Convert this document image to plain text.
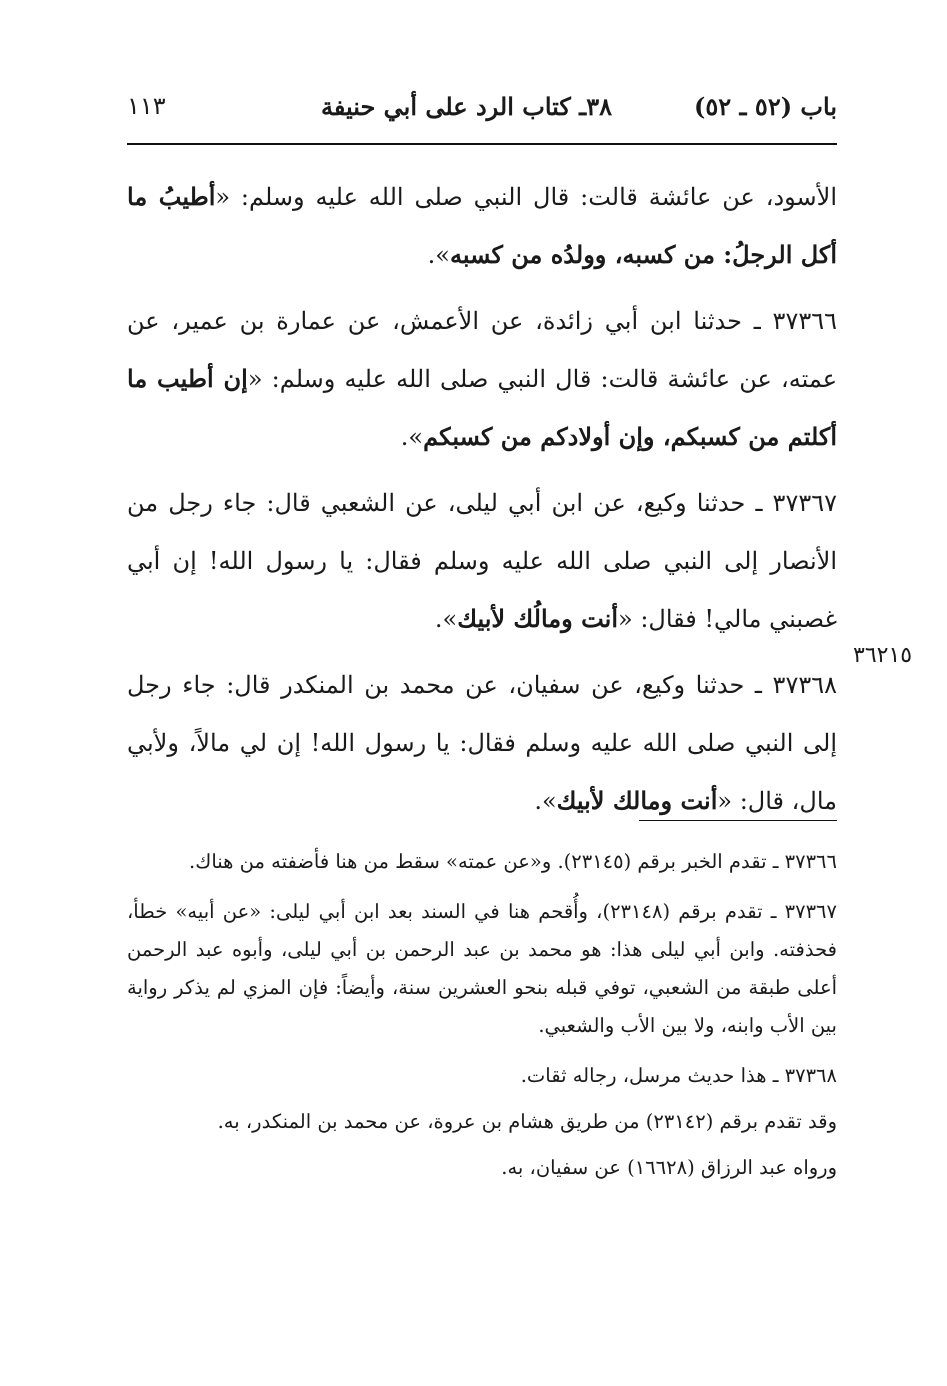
باب (٥٢ ـ ٥٢)
٣٨ـ كتاب الرد على أبي حنيفة
١١٣

الأسود، عن عائشة قالت: قال النبي صلى الله عليه وسلم: «أطيبُ ما أكل الرجلُ: من كسبه، وولدُه من كسبه».

٣٧٣٦٦ ـ حدثنا ابن أبي زائدة، عن الأعمش، عن عمارة بن عمير، عن عمته، عن عائشة قالت: قال النبي صلى الله عليه وسلم: «إن أطيب ما أكلتم من كسبكم، وإن أولادكم من كسبكم».

٣٧٣٦٧ ـ حدثنا وكيع، عن ابن أبي ليلى، عن الشعبي قال: جاء رجل من الأنصار إلى النبي صلى الله عليه وسلم فقال: يا رسول الله! إن أبي غصبني مالي! فقال: «أنت ومالُك لأبيك».

٣٧٣٦٨ ـ حدثنا وكيع، عن سفيان، عن محمد بن المنكدر قال: جاء رجل إلى النبي صلى الله عليه وسلم فقال: يا رسول الله! إن لي مالاً، ولأبي مال، قال: «أنت ومالك لأبيك».

٣٦٢١٥

٣٧٣٦٦ ـ تقدم الخبر برقم (٢٣١٤٥). و«عن عمته» سقط من هنا فأضفته من هناك.

٣٧٣٦٧ ـ تقدم برقم (٢٣١٤٨)، وأُقحم هنا في السند بعد ابن أبي ليلى: «عن أبيه» خطأ، فحذفته. وابن أبي ليلى هذا: هو محمد بن عبد الرحمن بن أبي ليلى، وأبوه عبد الرحمن أعلى طبقة من الشعبي، توفي قبله بنحو العشرين سنة، وأيضاً: فإن المزي لم يذكر رواية بين الأب وابنه، ولا بين الأب والشعبي.

٣٧٣٦٨ ـ هذا حديث مرسل، رجاله ثقات.

وقد تقدم برقم (٢٣١٤٢) من طريق هشام بن عروة، عن محمد بن المنكدر، به.

ورواه عبد الرزاق (١٦٦٢٨) عن سفيان، به.
